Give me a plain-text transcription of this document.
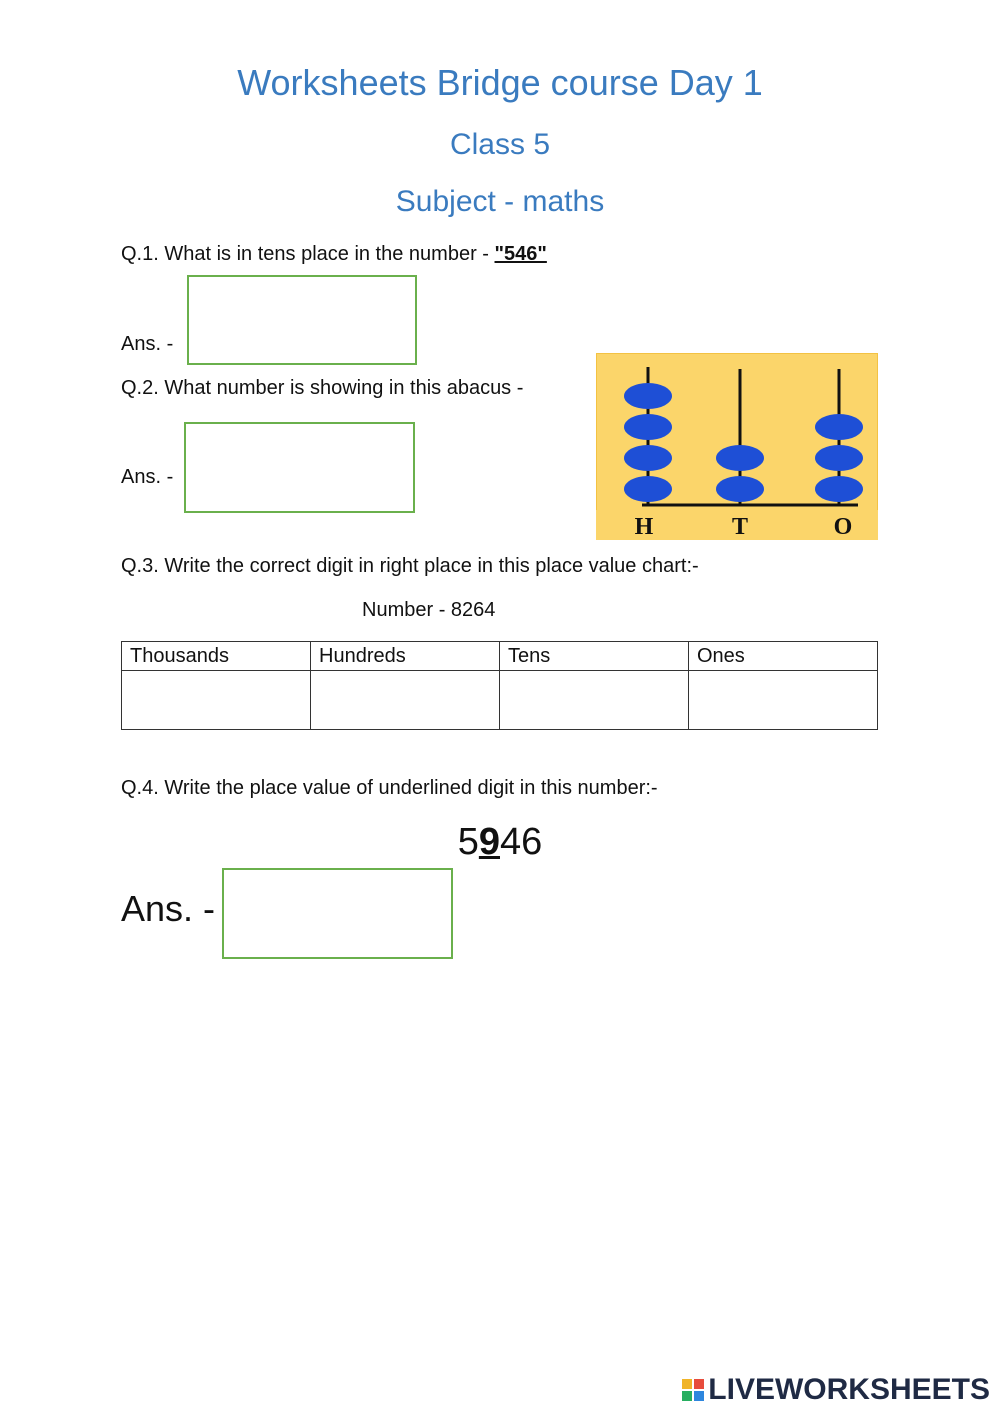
Worksheets Bridge course Day 1
Class 5
Subject - maths
Q.1. What is in tens place in the number - "546"
Ans. -
Q.2. What number is showing in this abacus -
Ans. -
H	T	O
Q.3. Write the correct digit in right place in this place value chart:-
Number - 8264
Thousands	Hundreds	Tens	Ones

Q.4. Write the place value of underlined digit in this number:-
5946
Ans. -
LIVEWORKSHEETS
